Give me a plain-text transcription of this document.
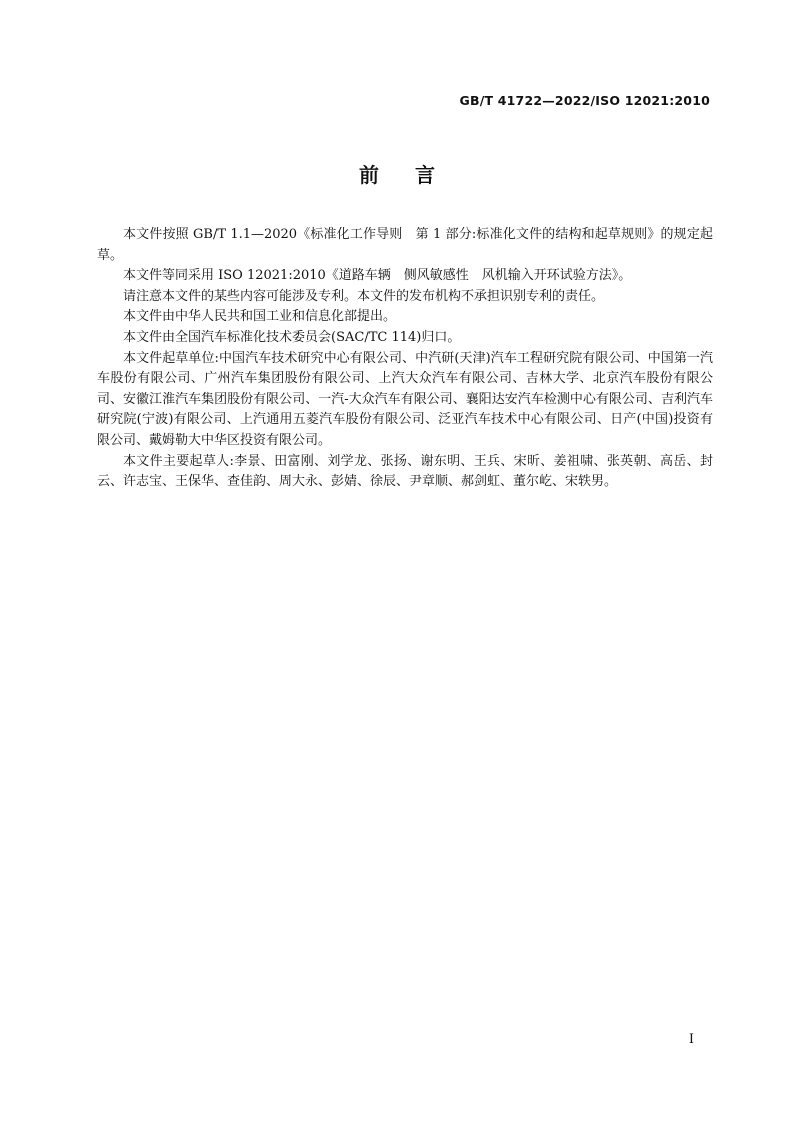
GB/T 41722—2022/ISO 12021:2010
前言

本文件按照 GB/T 1.1—2020《标准化工作导则　第 1 部分:标准化文件的结构和起草规则》的规定起草。

本文件等同采用 ISO 12021:2010《道路车辆　侧风敏感性　风机输入开环试验方法》。

请注意本文件的某些内容可能涉及专利。本文件的发布机构不承担识别专利的责任。

本文件由中华人民共和国工业和信息化部提出。

本文件由全国汽车标准化技术委员会(SAC/TC 114)归口。

本文件起草单位:中国汽车技术研究中心有限公司、中汽研(天津)汽车工程研究院有限公司、中国第一汽车股份有限公司、广州汽车集团股份有限公司、上汽大众汽车有限公司、吉林大学、北京汽车股份有限公司、安徽江淮汽车集团股份有限公司、一汽-大众汽车有限公司、襄阳达安汽车检测中心有限公司、吉利汽车研究院(宁波)有限公司、上汽通用五菱汽车股份有限公司、泛亚汽车技术中心有限公司、日产(中国)投资有限公司、戴姆勒大中华区投资有限公司。

本文件主要起草人:李景、田富刚、刘学龙、张扬、谢东明、王兵、宋昕、姜祖啸、张英朝、高岳、封云、许志宝、王保华、查佳韵、周大永、彭婧、徐辰、尹章顺、郝剑虹、董尔屹、宋轶男。

I
